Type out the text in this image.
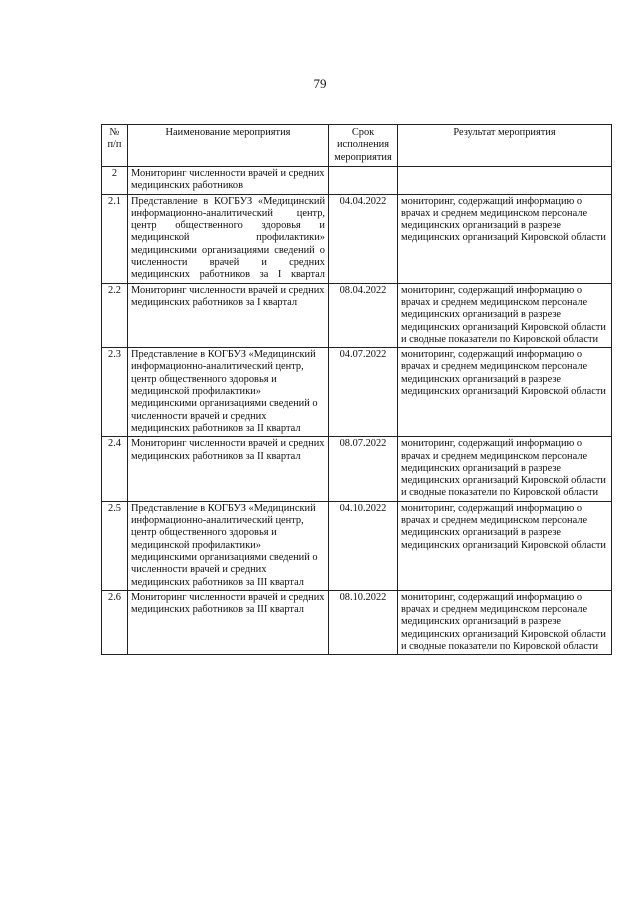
79
№ п/п	Наименование мероприятия	Срок исполнения мероприятия	Результат мероприятия
2	Мониторинг численности врачей и средних медицинских работников		
2.1	Представление в КОГБУЗ «Медицинский информационно-аналитический центр, центр общественного здоровья и медицинской профилактики» медицинскими организациями сведений о численности врачей и средних медицинских работников за I квартал	04.04.2022	мониторинг, содержащий информацию о врачах и среднем медицинском персонале медицинских организаций в разрезе медицинских организаций Кировской области
2.2	Мониторинг численности врачей и средних медицинских работников за I квартал	08.04.2022	мониторинг, содержащий информацию о врачах и среднем медицинском персонале медицинских организаций в разрезе медицинских организаций Кировской области и сводные показатели по Кировской области
2.3	Представление в КОГБУЗ «Медицинский информационно-аналитический центр, центр общественного здоровья и медицинской профилактики» медицинскими организациями сведений о численности врачей и средних медицинских работников за II квартал	04.07.2022	мониторинг, содержащий информацию о врачах и среднем медицинском персонале медицинских организаций в разрезе медицинских организаций Кировской области
2.4	Мониторинг численности врачей и средних медицинских работников за II квартал	08.07.2022	мониторинг, содержащий информацию о врачах и среднем медицинском персонале медицинских организаций в разрезе медицинских организаций Кировской области и сводные показатели по Кировской области
2.5	Представление в КОГБУЗ «Медицинский информационно-аналитический центр, центр общественного здоровья и медицинской профилактики» медицинскими организациями сведений о численности врачей и средних медицинских работников за III квартал	04.10.2022	мониторинг, содержащий информацию о врачах и среднем медицинском персонале медицинских организаций в разрезе медицинских организаций Кировской области
2.6	Мониторинг численности врачей и средних медицинских работников за III квартал	08.10.2022	мониторинг, содержащий информацию о врачах и среднем медицинском персонале медицинских организаций в разрезе медицинских организаций Кировской области и сводные показатели по Кировской области
